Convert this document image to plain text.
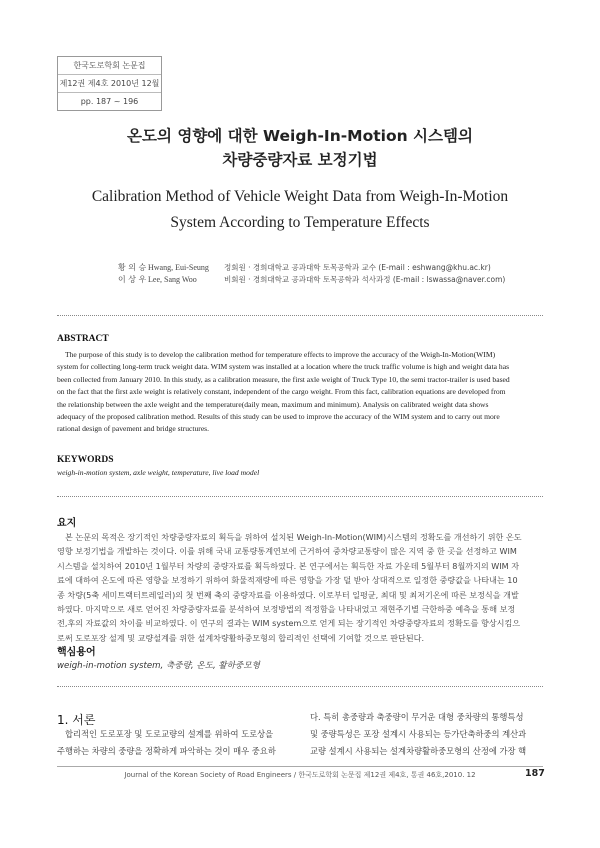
한국도로학회 논문집
제12권 제4호 2010년 12월
pp. 187 ~ 196
온도의 영향에 대한 Weigh-In-Motion 시스템의
차량중량자료 보정기법
Calibration Method of Vehicle Weight Data from Weigh-In-Motion
System According to Temperature Effects
황 의 승
이 상 우
Hwang, Eui-Seung
Lee, Sang Woo
정회원 · 경희대학교 공과대학 토목공학과 교수 (E-mail : eshwang@khu.ac.kr)
비회원 · 경희대학교 공과대학 토목공학과 석사과정 (E-mail : lswassa@naver.com)
ABSTRACT
The purpose of this study is to develop the calibration method for temperature effects to improve the accuracy of the Weigh-In-Motion(WIM)
system for collecting long-term truck weight data. WIM system was installed at a location where the truck traffic volume is high and weight data has
been collected from January 2010. In this study, as a calibration measure, the first axle weight of Truck Type 10, the semi tractor-trailer is used based
on the fact that the first axle weight is relatively constant, independent of the cargo weight. From this fact, calibration equations are developed from
the relationship between the axle weight and the temperature(daily mean, maximum and minimum). Analysis on calibrated weight data shows
adequacy of the proposed calibration method. Results of this study can be used to improve the accuracy of the WIM system and to carry out more
rational design of pavement and bridge structures.
KEYWORDS
weigh-in-motion system, axle weight, temperature, live load model
요지
본 논문의 목적은 장기적인 차량중량자료의 획득을 위하여 설치된 Weigh-In-Motion(WIM)시스템의 정확도를 개선하기 위한 온도
영향 보정기법을 개발하는 것이다. 이를 위해 국내 교통량통계연보에 근거하여 중차량교통량이 많은 지역 중 한 곳을 선정하고 WIM
시스템을 설치하여 2010년 1월부터 차량의 중량자료를 획득하였다. 본 연구에서는 획득한 자료 가운데 5월부터 8월까지의 WIM 자
료에 대하여 온도에 따른 영향을 보정하기 위하여 화물적재량에 따른 영향을 가장 덜 받아 상대적으로 일정한 중량값을 나타내는 10
종 차량(5축 세미트랙터트레일러)의 첫 번째 축의 중량자료를 이용하였다. 이로부터 일평균, 최대 및 최저기온에 따른 보정식을 개발
하였다. 마지막으로 새로 얻어진 차량중량자료를 분석하여 보정방법의 적정함을 나타내었고 재현주기별 극한하중 예측을 통해 보정
전,후의 자료값의 차이를 비교하였다. 이 연구의 결과는 WIM system으로 얻게 되는 장기적인 차량중량자료의 정확도를 향상시킴으
로써 도로포장 설계 및 교량설계를 위한 설계차량활하중모형의 합리적인 선택에 기여할 것으로 판단된다.
핵심용어
weigh-in-motion system, 축중량, 온도, 활하중모형
1. 서론
합리적인 도로포장 및 도로교량의 설계를 위하여 도로상을
주행하는 차량의 중량을 정확하게 파악하는 것이 매우 중요하
다. 특히 총중량과 축중량이 무거운 대형 중차량의 통행특성
및 중량특성은 포장 설계시 사용되는 등가단축하중의 계산과
교량 설계시 사용되는 설계차량활하중모형의 산정에 가장 핵
Journal of the Korean Society of Road Engineers / 한국도로학회 논문집 제12권 제4호, 통권 46호,2010. 12	187
